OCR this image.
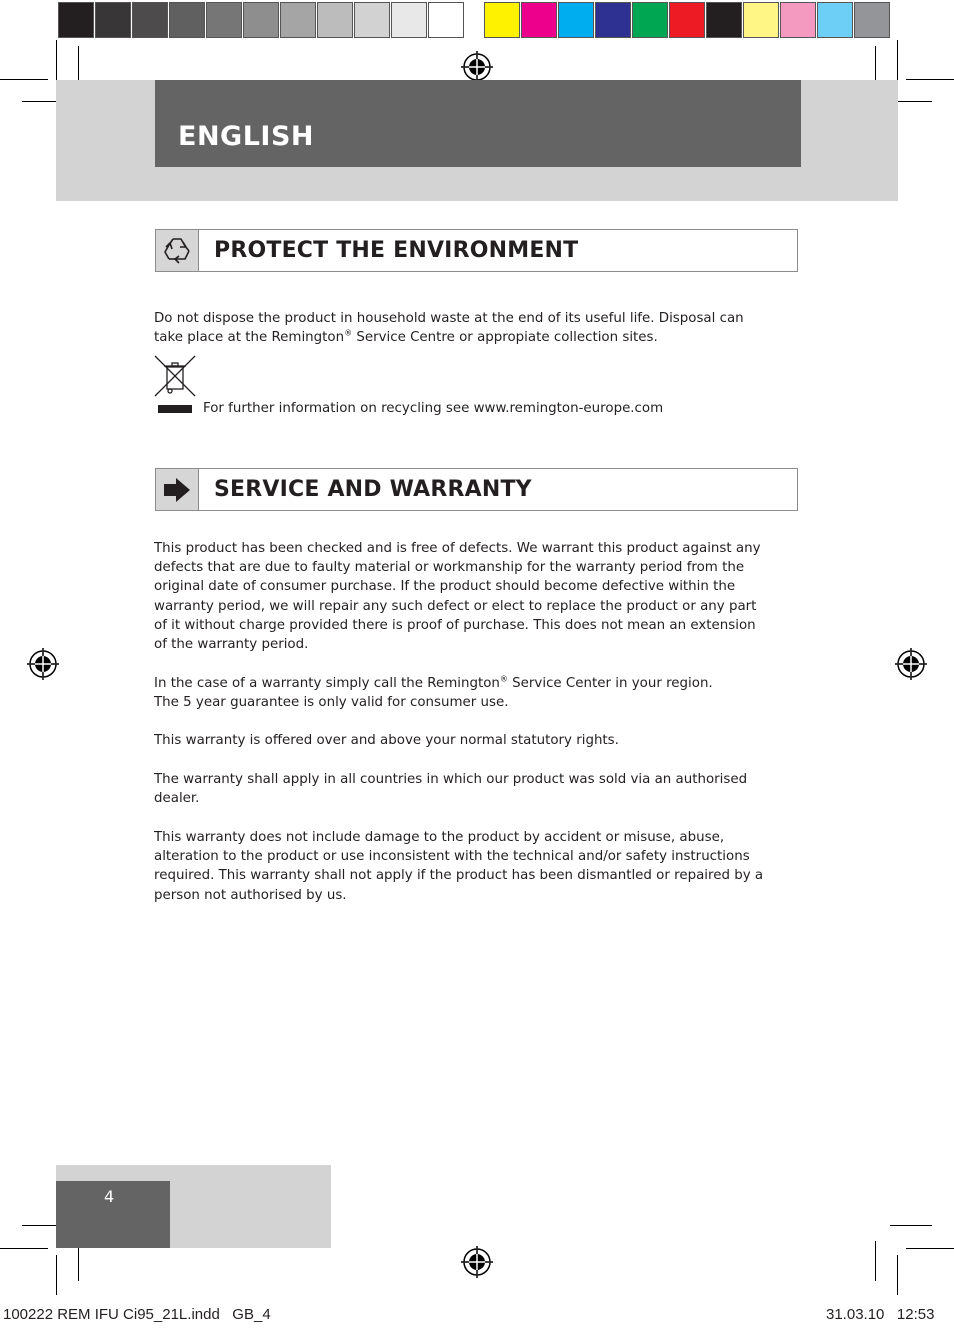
ENGLISH
PROTECT THE ENVIRONMENT
Do not dispose the product in household waste at the end of its useful life. Disposal can
take place at the Remington® Service Centre or appropiate collection sites.
For further information on recycling see www.remington-europe.com
SERVICE AND WARRANTY
This product has been checked and is free of defects. We warrant this product against any
defects that are due to faulty material or workmanship for the warranty period from the
original date of consumer purchase. If the product should become defective within the
warranty period, we will repair any such defect or elect to replace the product or any part
of it without charge provided there is proof of purchase. This does not mean an extension
of the warranty period.
In the case of a warranty simply call the Remington® Service Center in your region.
The 5 year guarantee is only valid for consumer use.
This warranty is offered over and above your normal statutory rights.
The warranty shall apply in all countries in which our product was sold via an authorised
dealer.
This warranty does not include damage to the product by accident or misuse, abuse,
alteration to the product or use inconsistent with the technical and/or safety instructions
required. This warranty shall not apply if the product has been dismantled or repaired by a
person not authorised by us.
4
100222 REM IFU Ci95_21L.indd   GB_4	31.03.10   12:53
